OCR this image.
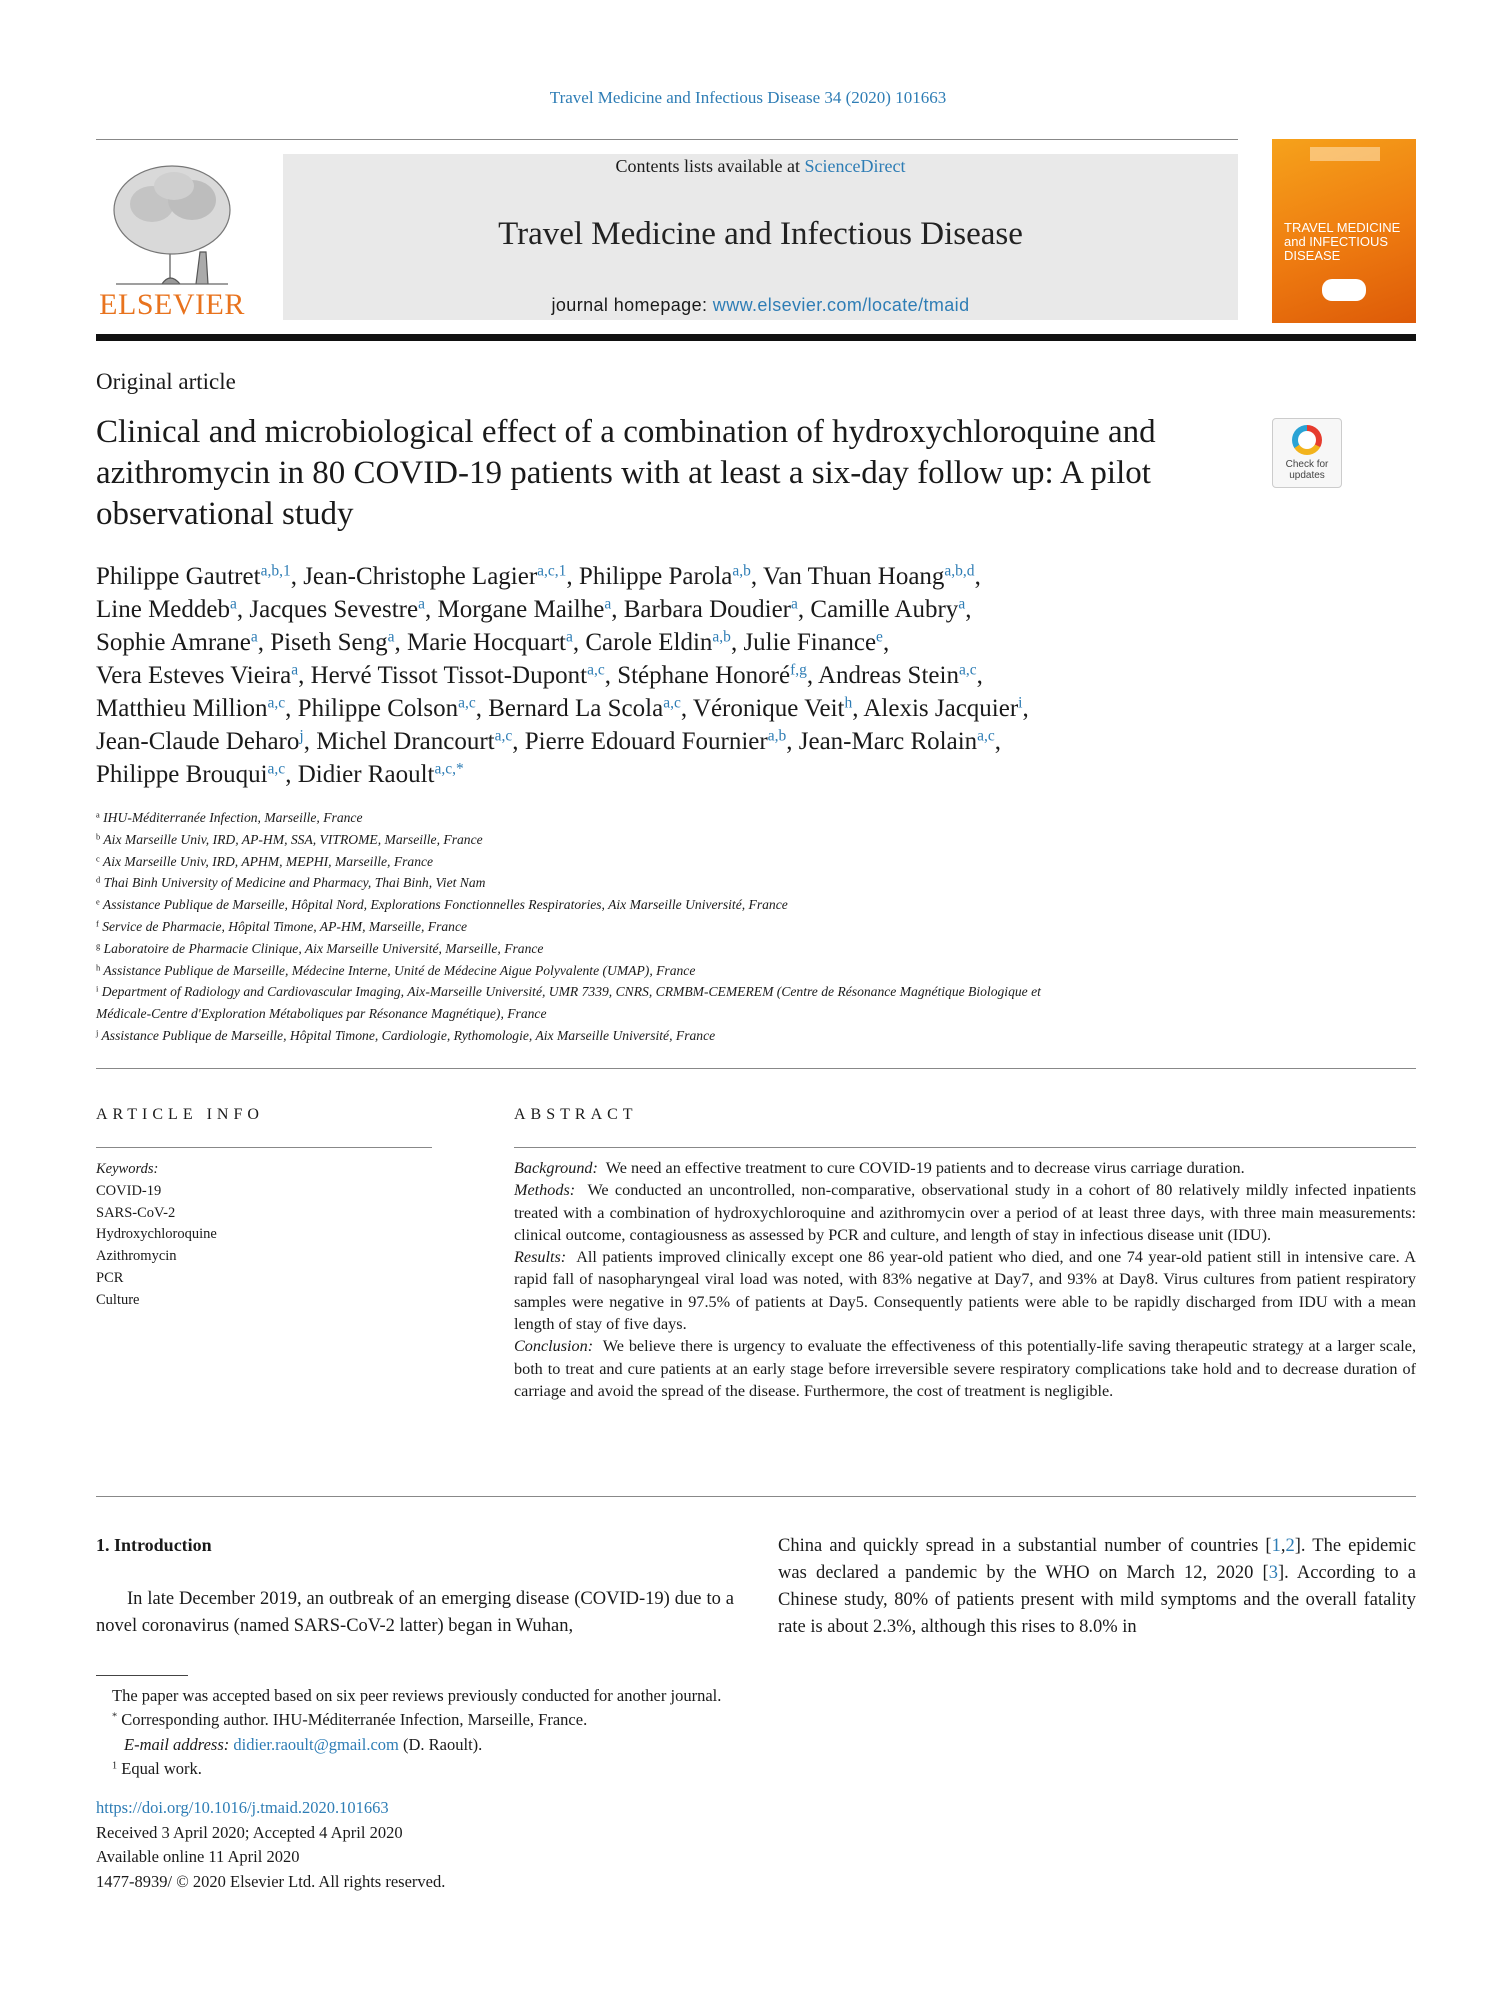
Travel Medicine and Infectious Disease 34 (2020) 101663
ELSEVIER
Contents lists available at ScienceDirect
Travel Medicine and Infectious Disease
journal homepage: www.elsevier.com/locate/tmaid
TRAVEL MEDICINE and INFECTIOUS DISEASE
Original article
Clinical and microbiological effect of a combination of hydroxychloroquine and azithromycin in 80 COVID-19 patients with at least a six-day follow up: A pilot observational study
Check for updates
Philippe Gautret$^{a,b,1}$, Jean-Christophe Lagier$^{a,c,1}$, Philippe Parola$^{a,b}$, Van Thuan Hoang$^{a,b,d}$,
Line Meddeb$^a$, Jacques Sevestre$^a$, Morgane Mailhe$^a$, Barbara Doudier$^a$, Camille Aubry$^a$,
Sophie Amrane$^a$, Piseth Seng$^a$, Marie Hocquart$^a$, Carole Eldin$^{a,b}$, Julie Finance$^e$,
Vera Esteves Vieira$^a$, Hervé Tissot Tissot-Dupont$^{a,c}$, Stéphane Honoré$^{f,g}$, Andreas Stein$^{a,c}$,
Matthieu Million$^{a,c}$, Philippe Colson$^{a,c}$, Bernard La Scola$^{a,c}$, Véronique Veit$^h$, Alexis Jacquier$^i$,
Jean-Claude Deharo$^j$, Michel Drancourt$^{a,c}$, Pierre Edouard Fournier$^{a,b}$, Jean-Marc Rolain$^{a,c}$,
Philippe Brouqui$^{a,c}$, Didier Raoult$^{a,c,*}$
$^a$ IHU-Méditerranée Infection, Marseille, France
$^b$ Aix Marseille Univ, IRD, AP-HM, SSA, VITROME, Marseille, France
$^c$ Aix Marseille Univ, IRD, APHM, MEPHI, Marseille, France
$^d$ Thai Binh University of Medicine and Pharmacy, Thai Binh, Viet Nam
$^e$ Assistance Publique de Marseille, Hôpital Nord, Explorations Fonctionnelles Respiratories, Aix Marseille Université, France
$^f$ Service de Pharmacie, Hôpital Timone, AP-HM, Marseille, France
$^g$ Laboratoire de Pharmacie Clinique, Aix Marseille Université, Marseille, France
$^h$ Assistance Publique de Marseille, Médecine Interne, Unité de Médecine Aigue Polyvalente (UMAP), France
$^i$ Department of Radiology and Cardiovascular Imaging, Aix-Marseille Université, UMR 7339, CNRS, CRMBM-CEMEREM (Centre de Résonance Magnétique Biologique et
Médicale-Centre d'Exploration Métaboliques par Résonance Magnétique), France
$^j$ Assistance Publique de Marseille, Hôpital Timone, Cardiologie, Rythomologie, Aix Marseille Université, France
ARTICLE INFO
Keywords:
COVID-19
SARS-CoV-2
Hydroxychloroquine
Azithromycin
PCR
Culture
ABSTRACT

Background: We need an effective treatment to cure COVID-19 patients and to decrease virus carriage duration.

Methods: We conducted an uncontrolled, non-comparative, observational study in a cohort of 80 relatively mildly infected inpatients treated with a combination of hydroxychloroquine and azithromycin over a period of at least three days, with three main measurements: clinical outcome, contagiousness as assessed by PCR and culture, and length of stay in infectious disease unit (IDU).

Results: All patients improved clinically except one 86 year-old patient who died, and one 74 year-old patient still in intensive care. A rapid fall of nasopharyngeal viral load was noted, with 83% negative at Day7, and 93% at Day8. Virus cultures from patient respiratory samples were negative in 97.5% of patients at Day5. Consequently patients were able to be rapidly discharged from IDU with a mean length of stay of five days.

Conclusion: We believe there is urgency to evaluate the effectiveness of this potentially-life saving therapeutic strategy at a larger scale, both to treat and cure patients at an early stage before irreversible severe respiratory complications take hold and to decrease duration of carriage and avoid the spread of the disease. Furthermore, the cost of treatment is negligible.

1. Introduction
In late December 2019, an outbreak of an emerging disease (COVID-19) due to a novel coronavirus (named SARS-CoV-2 latter) began in Wuhan,
China and quickly spread in a substantial number of countries [1,2]. The epidemic was declared a pandemic by the WHO on March 12, 2020 [3]. According to a Chinese study, 80% of patients present with mild symptoms and the overall fatality rate is about 2.3%, although this rises to 8.0% in
The paper was accepted based on six peer reviews previously conducted for another journal.
* Corresponding author. IHU-Méditerranée Infection, Marseille, France.
E-mail address: didier.raoult@gmail.com (D. Raoult).
$^1$ Equal work.
https://doi.org/10.1016/j.tmaid.2020.101663
Received 3 April 2020; Accepted 4 April 2020
Available online 11 April 2020
1477-8939/ © 2020 Elsevier Ltd. All rights reserved.
